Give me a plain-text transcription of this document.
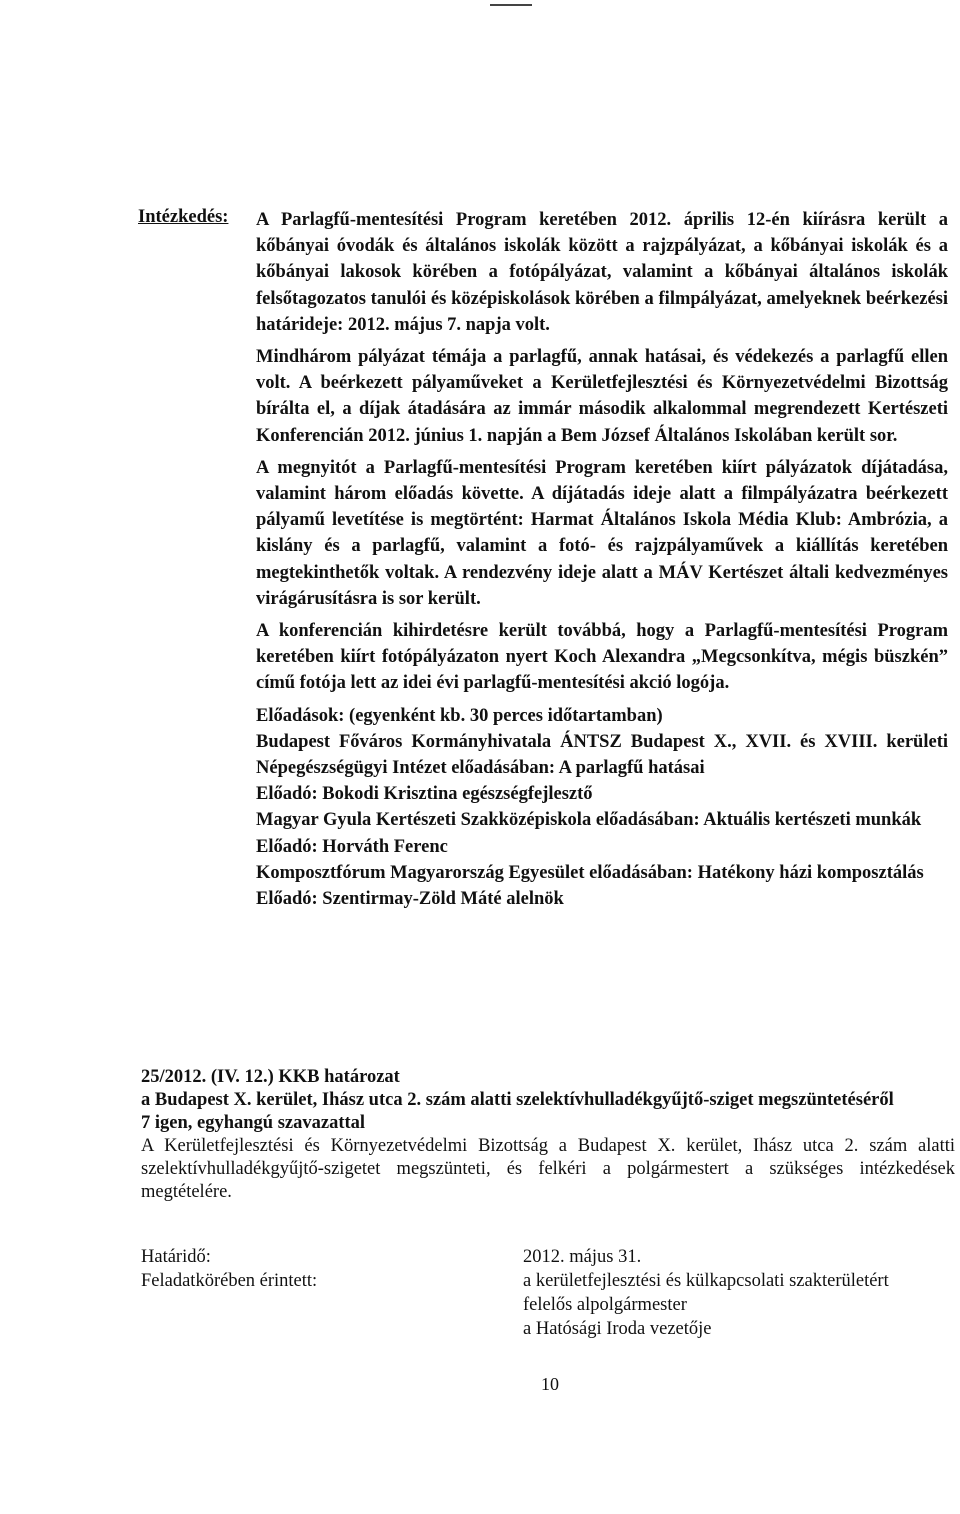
Intézkedés: A Parlagfű-mentesítési Program keretében 2012. április 12-én kiírásra került a kőbányai óvodák és általános iskolák között a rajzpályázat, a kőbányai iskolák és a kőbányai lakosok körében a fotópályázat, valamint a kőbányai általános iskolák felsőtagozatos tanulói és középiskolások körében a filmpályázat, amelyeknek beérkezési határideje: 2012. május 7. napja volt.

Mindhárom pályázat témája a parlagfű, annak hatásai, és védekezés a parlagfű ellen volt. A beérkezett pályaműveket a Kerületfejlesztési és Környezetvédelmi Bizottság bírálta el, a díjak átadására az immár második alkalommal megrendezett Kertészeti Konferencián 2012. június 1. napján a Bem József Általános Iskolában került sor.

A megnyitót a Parlagfű-mentesítési Program keretében kiírt pályázatok díjátadása, valamint három előadás követte. A díjátadás ideje alatt a filmpályázatra beérkezett pályamű levetítése is megtörtént: Harmat Általános Iskola Média Klub: Ambrózia, a kislány és a parlagfű, valamint a fotó- és rajzpályaművek a kiállítás keretében megtekinthetők voltak. A rendezvény ideje alatt a MÁV Kertészet általi kedvezményes virágárusításra is sor került.

A konferencián kihirdetésre került továbbá, hogy a Parlagfű-mentesítési Program keretében kiírt fotópályázaton nyert Koch Alexandra „Megcsonkítva, mégis büszkén” című fotója lett az idei évi parlagfű-mentesítési akció logója.

Előadások: (egyenként kb. 30 perces időtartamban)
Budapest Főváros Kormányhivatala ÁNTSZ Budapest X., XVII. és XVIII. kerületi Népegészségügyi Intézet előadásában: A parlagfű hatásai
Előadó: Bokodi Krisztina egészségfejlesztő
Magyar Gyula Kertészeti Szakközépiskola előadásában: Aktuális kertészeti munkák
Előadó: Horváth Ferenc
Komposztfórum Magyarország Egyesület előadásában: Hatékony házi komposztálás
Előadó: Szentirmay-Zöld Máté alelnök
25/2012. (IV. 12.) KKB határozat
a Budapest X. kerület, Ihász utca 2. szám alatti szelektívhulladékgyűjtő-sziget megszüntetéséről
7 igen, egyhangú szavazattal
A Kerületfejlesztési és Környezetvédelmi Bizottság a Budapest X. kerület, Ihász utca 2. szám alatti szelektívhulladékgyűjtő-szigetet megszünteti, és felkéri a polgármestert a szükséges intézkedések megtételére.
Határidő:	2012. május 31.
Feladatkörében érintett:	a kerületfejlesztési és külkapcsolati szakterületért
felelős alpolgármester
a Hatósági Iroda vezetője
10
